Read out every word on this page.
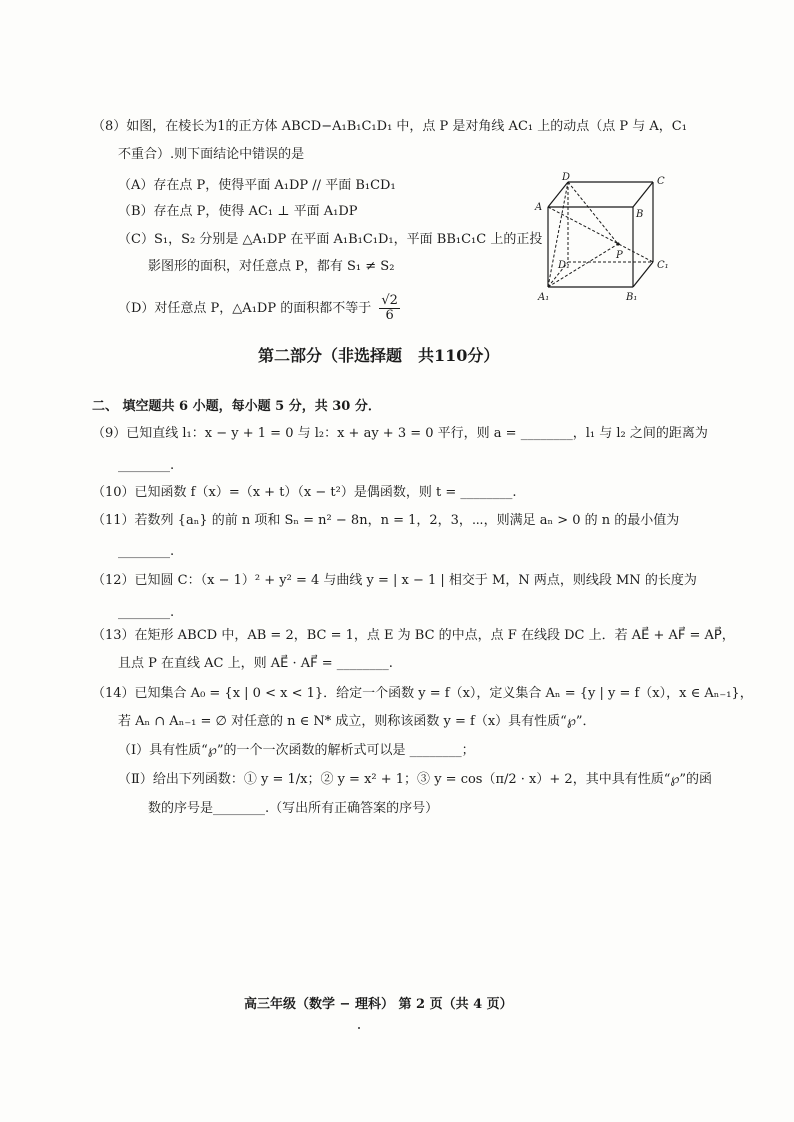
（8）如图，在棱长为1的正方体 ABCD−A₁B₁C₁D₁ 中，点 P 是对角线 AC₁ 上的动点（点 P 与 A，C₁
不重合）.则下面结论中错误的是
（A）存在点 P，使得平面 A₁DP // 平面 B₁CD₁
（B）存在点 P，使得 AC₁ ⊥ 平面 A₁DP
（C）S₁，S₂ 分别是 △A₁DP 在平面 A₁B₁C₁D₁，平面 BB₁C₁C 上的正投
影图形的面积，对任意点 P，都有 S₁ ≠ S₂
（D）对任意点 P，△A₁DP 的面积都不等于 $\frac{√2}{6}$
D	C
A
B
D₁
P
C₁
A₁	B₁
第二部分（非选择题　共110分）
二、 填空题共 6 小题，每小题 5 分，共 30 分．
（9）已知直线 l₁：x − y + 1 = 0 与 l₂：x + ay + 3 = 0 平行，则 a = ________，l₁ 与 l₂ 之间的距离为
________.
（10）已知函数 f（x）=（x + t）（x − t²）是偶函数，则 t = ________.
（11）若数列 {aₙ} 的前 n 项和 Sₙ = n² − 8n，n = 1，2，3，⋯，则满足 aₙ > 0 的 n 的最小值为
________.
（12）已知圆 C：（x − 1）² + y² = 4 与曲线 y = | x − 1 | 相交于 M，N 两点，则线段 MN 的长度为
________.
（13）在矩形 ABCD 中，AB = 2，BC = 1，点 E 为 BC 的中点，点 F 在线段 DC 上．若 AE⃗ + AF⃗ = AP⃗，
且点 P 在直线 AC 上，则 AE⃗ · AF⃗ = ________.
（14）已知集合 A₀ = {x | 0 < x < 1}．给定一个函数 y = f（x），定义集合 Aₙ = {y | y = f（x），x ∈ Aₙ₋₁}，
若 Aₙ ∩ Aₙ₋₁ = ∅ 对任意的 n ∈ N* 成立，则称该函数 y = f（x）具有性质“℘”．
（Ⅰ）具有性质“℘”的一个一次函数的解析式可以是 ________；
（Ⅱ）给出下列函数：① y = 1/x；② y = x² + 1；③ y = cos（π/2 · x）+ 2，其中具有性质“℘”的函
数的序号是________.（写出所有正确答案的序号）
高三年级（数学 − 理科） 第 2 页（共 4 页）
